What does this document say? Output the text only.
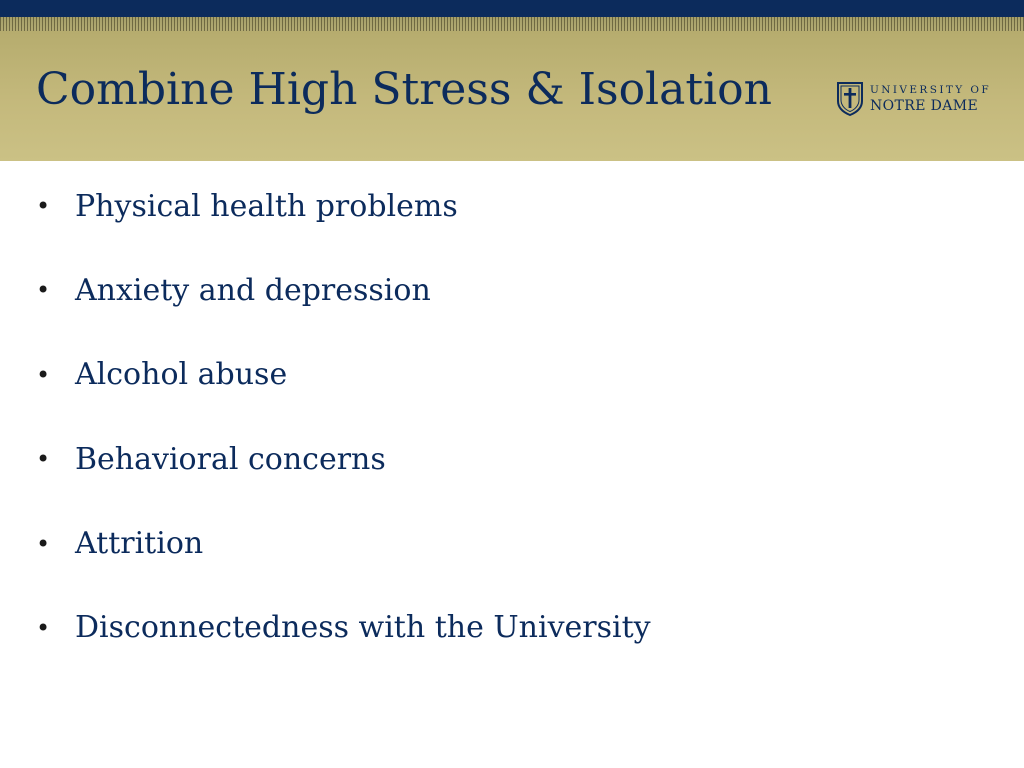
Combine High Stress & Isolation	UNIVERSITY OF
NOTRE DAME
• Physical health problems
• Anxiety and depression
• Alcohol abuse
• Behavioral concerns
• Attrition
• Disconnectedness with the University
